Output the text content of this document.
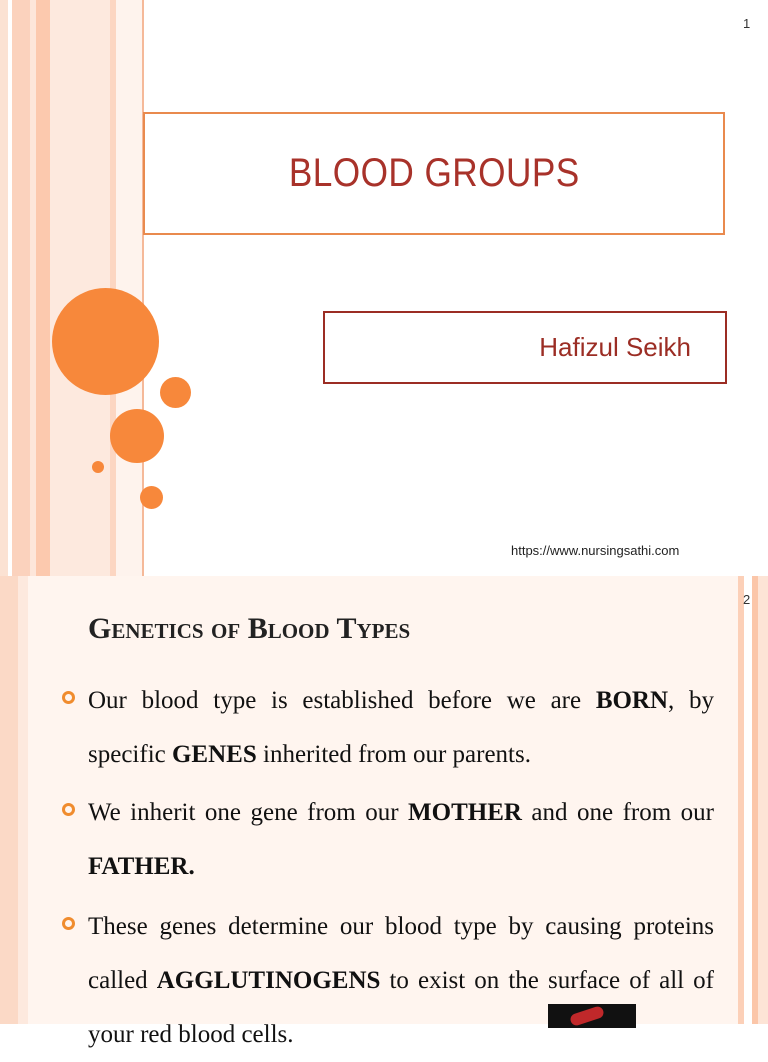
1
BLOOD GROUPS
Hafizul Seikh
https://www.nursingsathi.com
2
Genetics of Blood Types
Our blood type is established before we are BORN, by specific GENES inherited from our parents.
We inherit one gene from our MOTHER and one from our FATHER.
These genes determine our blood type by causing proteins called AGGLUTINOGENS to exist on the surface of all of your red blood cells.
